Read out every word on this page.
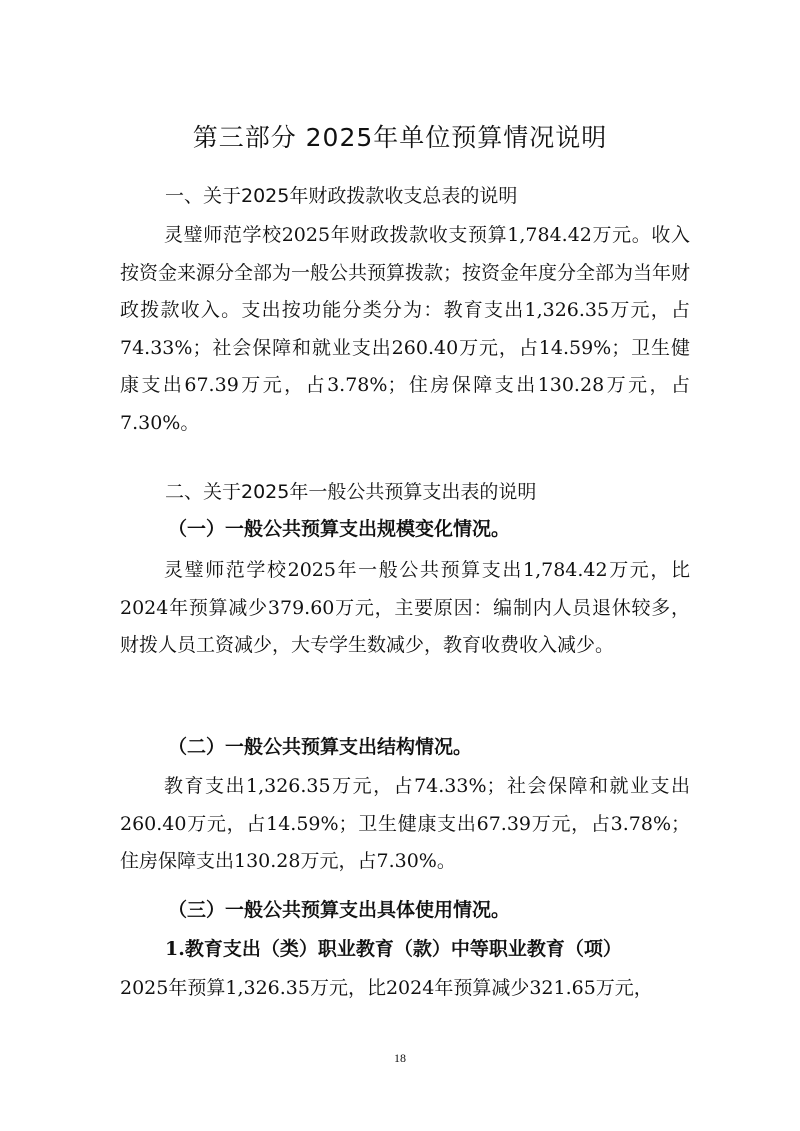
第三部分 2025年单位预算情况说明
一、关于2025年财政拨款收支总表的说明

灵璧师范学校2025年财政拨款收支预算1,784.42万元。收入按资金来源分全部为一般公共预算拨款；按资金年度分全部为当年财政拨款收入。支出按功能分类分为：教育支出1,326.35万元，占74.33%；社会保障和就业支出260.40万元，占14.59%；卫生健康支出67.39万元，占3.78%；住房保障支出130.28万元，占7.30%。

二、关于2025年一般公共预算支出表的说明
（一）一般公共预算支出规模变化情况。

灵璧师范学校2025年一般公共预算支出1,784.42万元，比2024年预算减少379.60万元，主要原因：编制内人员退休较多，财拨人员工资减少，大专学生数减少，教育收费收入减少。

（二）一般公共预算支出结构情况。

教育支出1,326.35万元，占74.33%；社会保障和就业支出260.40万元，占14.59%；卫生健康支出67.39万元，占3.78%；住房保障支出130.28万元，占7.30%。

（三）一般公共预算支出具体使用情况。
1.教育支出（类）职业教育（款）中等职业教育（项）

2025年预算1,326.35万元，比2024年预算减少321.65万元，

18
